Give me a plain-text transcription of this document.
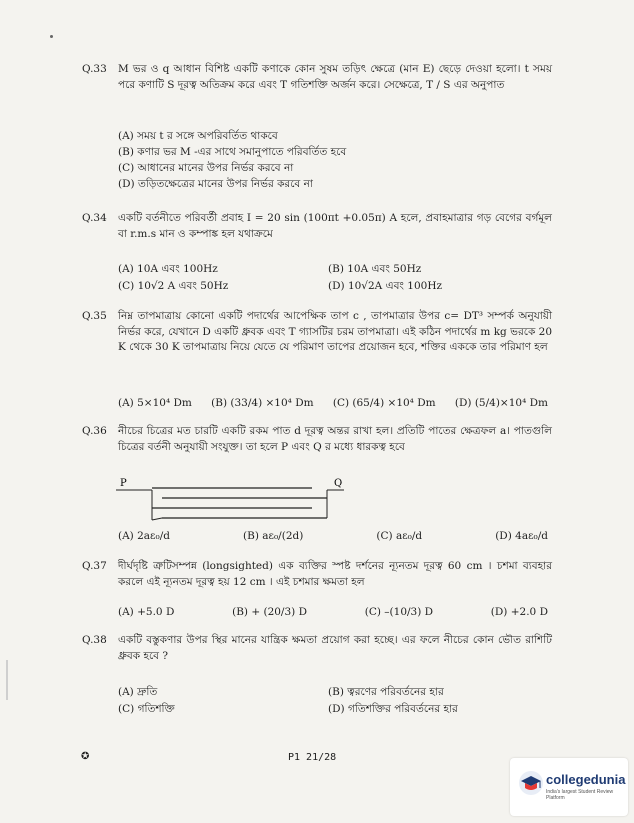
Q.33 M ভর ও q আধান বিশিষ্ট একটি কণাকে কোন সুষম তড়িৎ ক্ষেত্রে (মান E) ছেড়ে দেওয়া হলো। t সময় পরে কণাটি S দূরত্ব অতিক্রম করে এবং T গতিশক্তি অর্জন করে। সেক্ষেত্রে, T / S এর অনুপাত
(A) সময় t র সঙ্গে অপরিবর্তিত থাকবে
(B) কণার ভর M -এর সাথে সমানুপাতে পরিবর্তিত হবে
(C) আধানের মানের উপর নির্ভর করবে না
(D) তড়িতক্ষেত্রের মানের উপর নির্ভর করবে না
Q.34 একটি বর্তনীতে পরিবর্তী প্রবাহ I = 20 sin (100πt +0.05π) A হলে, প্রবাহমাত্রার গড় বেগের বর্গমূল বা r.m.s মান ও কম্পাঙ্ক হল যথাক্রমে
(A) 10A এবং 100Hz	(B) 10A এবং 50Hz
(C) 10√2 A এবং 50Hz	(D) 10√2A এবং 100Hz
Q.35 নিম্ন তাপমাত্রায় কোনো একটি পদার্থের আপেক্ষিক তাপ c , তাপমাত্রার উপর c= DT³ সম্পর্ক অনুযায়ী নির্ভর করে, যেখানে D একটি ধ্রুবক এবং T গ্যাসটির চরম তাপমাত্রা। এই কঠিন পদার্থের m kg ভরকে 20 K থেকে 30 K তাপমাত্রায় নিয়ে যেতে যে পরিমাণ তাপের প্রয়োজন হবে, শক্তির এককে তার পরিমাণ হল
(A) 5×10⁴ Dm (B) (33/4) ×10⁴ Dm (C) (65/4) ×10⁴ Dm (D) (5/4)×10⁴ Dm
Q.36 নীচের চিত্রের মত চারটি একটি রকম পাত d দূরত্ব অন্তর রাখা হল। প্রতিটি পাতের ক্ষেত্রফল a। পাতগুলি চিত্রের বর্তনী অনুযায়ী সংযুক্ত। তা হলে P এবং Q র মধ্যে ধারকত্ব হবে
P	Q
(A) 2aε₀/d	(B) aε₀/(2d)	(C) aε₀/d	(D) 4aε₀/d
Q.37 দীর্ঘদৃষ্টি ত্রুটিসম্পন্ন (longsighted) এক ব্যক্তির স্পষ্ট দর্শনের ন্যূনতম দূরত্ব 60 cm । চশমা ব্যবহার করলে এই ন্যূনতম দূরত্ব হয় 12 cm । এই চশমার ক্ষমতা হল
(A) +5.0 D	(B) + (20/3) D	(C) –(10/3) D	(D) +2.0 D
Q.38 একটি বস্তুকণার উপর স্থির মানের যান্ত্রিক ক্ষমতা প্রয়োগ করা হচ্ছে। এর ফলে নীচের কোন ভৌত রাশিটি ধ্রুবক হবে ?
(A) দ্রুতি	(B) ত্বরণের পরিবর্তনের হার
(C) গতিশক্তি	(D) গতিশক্তির পরিবর্তনের হার
✪	P1 21/28
collegedunia
India's largest Student Review Platform
